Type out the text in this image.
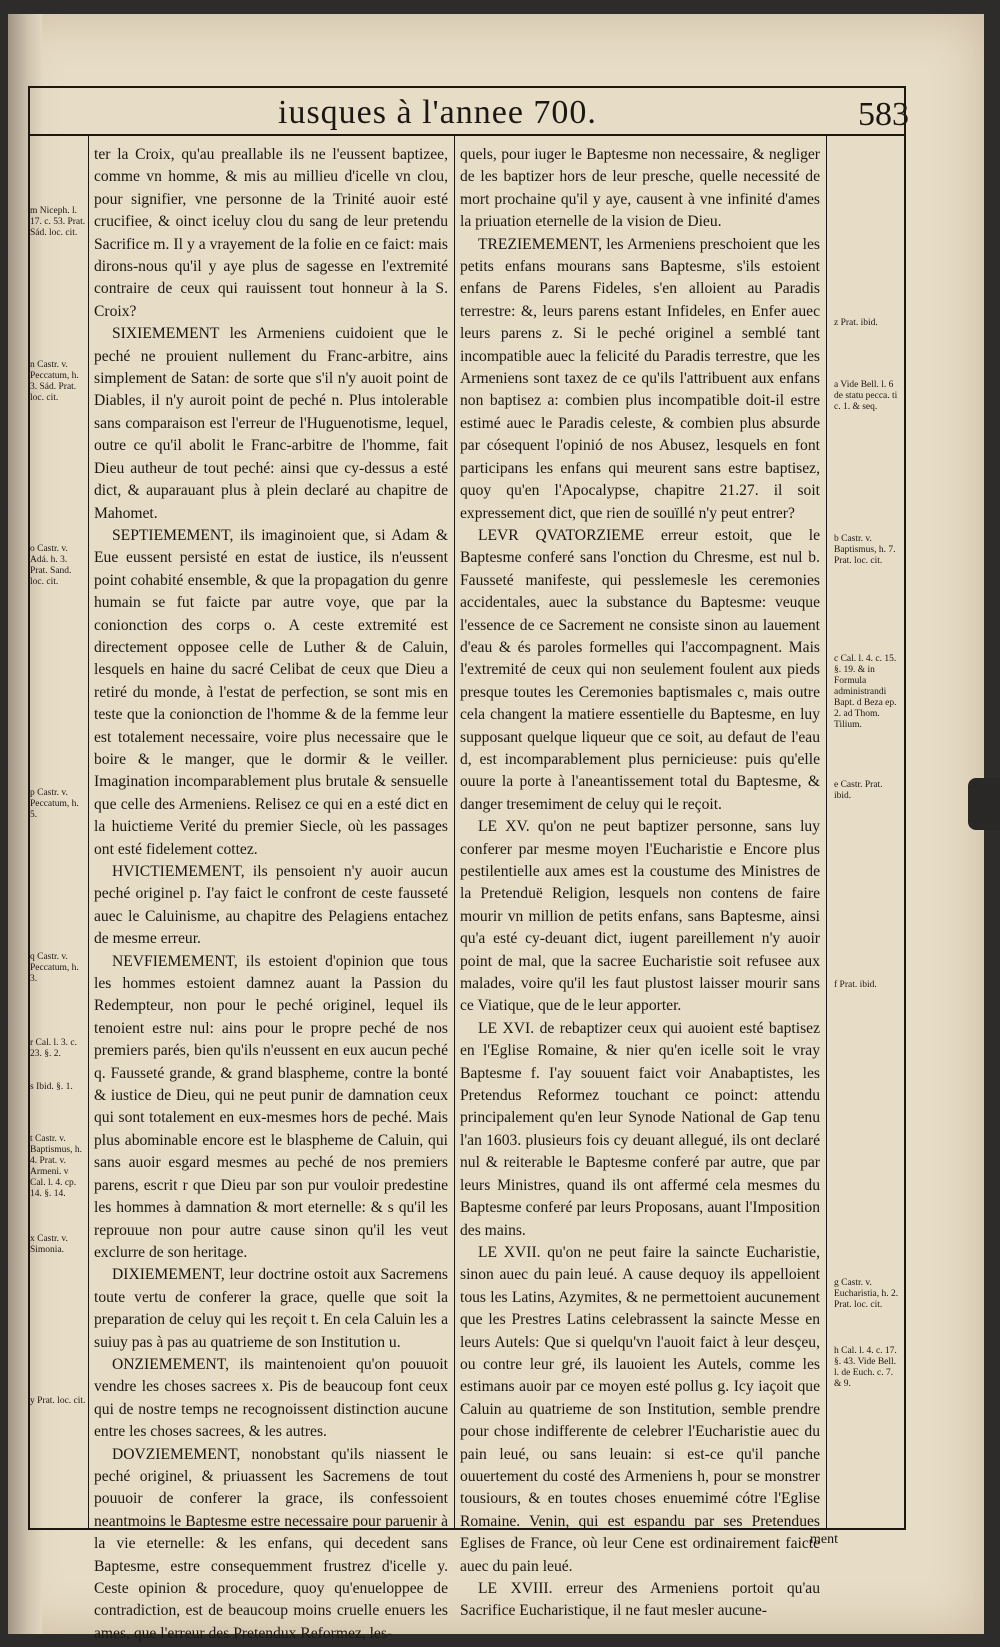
iusques à l'annee 700.	583
m Niceph. l. 17. c. 53. Prat. Sád. loc. cit.
n Castr. v. Peccatum, h. 3. Sád. Prat. loc. cit.
o Castr. v. Adá. h. 3. Prat. Sand. loc. cit.
p Castr. v. Peccatum, h. 5.
q Castr. v. Peccatum, h. 3.
r Cal. l. 3. c. 23. §. 2.
s Ibid. §. 1.
t Castr. v. Baptismus, h. 4. Prat. v. Armeni. v Cal. l. 4. cp. 14. §. 14.
x Castr. v. Simonia.
y Prat. loc. cit.
z Prat. ibid.
a Vide Bell. l. 6 de statu pecca. ti c. 1. & seq.
b Castr. v. Baptismus, h. 7. Prat. loc. cit.
c Cal. l. 4. c. 15. §. 19. & in Formula administrandi Bapt. d Beza ep. 2. ad Thom. Tilium.
e Castr. Prat. ibid.
f Prat. ibid.
g Castr. v. Eucharistia, h. 2. Prat. loc. cit.
h Cal. l. 4. c. 17. §. 43. Vide Bell. l. de Euch. c. 7. & 9.

ter la Croix, qu'au preallable ils ne l'eussent baptizee, comme vn homme, & mis au millieu d'icelle vn clou, pour signifier, vne personne de la Trinité auoir esté crucifiee, & oinct iceluy clou du sang de leur pretendu Sacrifice m. Il y a vrayement de la folie en ce faict: mais dirons-nous qu'il y aye plus de sagesse en l'extremité contraire de ceux qui rauissent tout honneur à la S. Croix?

SIXIEMEMENT les Armeniens cuidoient que le peché ne prouient nullement du Franc-arbitre, ains simplement de Satan: de sorte que s'il n'y auoit point de Diables, il n'y auroit point de peché n. Plus intolerable sans comparaison est l'erreur de l'Huguenotisme, lequel, outre ce qu'il abolit le Franc-arbitre de l'homme, fait Dieu autheur de tout peché: ainsi que cy-dessus a esté dict, & auparauant plus à plein declaré au chapitre de Mahomet.

SEPTIEMEMENT, ils imaginoient que, si Adam & Eue eussent persisté en estat de iustice, ils n'eussent point cohabité ensemble, & que la propagation du genre humain se fut faicte par autre voye, que par la conionction des corps o. A ceste extremité est directement opposee celle de Luther & de Caluin, lesquels en haine du sacré Celibat de ceux que Dieu a retiré du monde, à l'estat de perfection, se sont mis en teste que la conionction de l'homme & de la femme leur est totalement necessaire, voire plus necessaire que le boire & le manger, que le dormir & le veiller. Imagination incomparablement plus brutale & sensuelle que celle des Armeniens. Relisez ce qui en a esté dict en la huictieme Verité du premier Siecle, où les passages ont esté fidelement cottez.

HVICTIEMEMENT, ils pensoient n'y auoir aucun peché originel p. I'ay faict le confront de ceste fausseté auec le Caluinisme, au chapitre des Pelagiens entachez de mesme erreur.

NEVFIEMEMENT, ils estoient d'opinion que tous les hommes estoient damnez auant la Passion du Redempteur, non pour le peché originel, lequel ils tenoient estre nul: ains pour le propre peché de nos premiers parés, bien qu'ils n'eussent en eux aucun peché q. Fausseté grande, & grand blaspheme, contre la bonté & iustice de Dieu, qui ne peut punir de damnation ceux qui sont totalement en eux-mesmes hors de peché. Mais plus abominable encore est le blaspheme de Caluin, qui sans auoir esgard mesmes au peché de nos premiers parens, escrit r que Dieu par son pur vouloir predestine les hommes à damnation & mort eternelle: & s qu'il les reprouue non pour autre cause sinon qu'il les veut exclurre de son heritage.

DIXIEMEMENT, leur doctrine ostoit aux Sacremens toute vertu de conferer la grace, quelle que soit la preparation de celuy qui les reçoit t. En cela Caluin les a suiuy pas à pas au quatrieme de son Institution u.

ONZIEMEMENT, ils maintenoient qu'on pouuoit vendre les choses sacrees x. Pis de beaucoup font ceux qui de nostre temps ne recognoissent distinction aucune entre les choses sacrees, & les autres.

DOVZIEMEMENT, nonobstant qu'ils niassent le peché originel, & priuassent les Sacremens de tout pouuoir de conferer la grace, ils confessoient neantmoins le Baptesme estre necessaire pour paruenir à la vie eternelle: & les enfans, qui decedent sans Baptesme, estre consequemment frustrez d'icelle y. Ceste opinion & procedure, quoy qu'enueloppee de contradiction, est de beaucoup moins cruelle enuers les ames, que l'erreur des Pretendux Reformez, les-

quels, pour iuger le Baptesme non necessaire, & negliger de les baptizer hors de leur presche, quelle necessité de mort prochaine qu'il y aye, causent à vne infinité d'ames la priuation eternelle de la vision de Dieu.

TREZIEMEMENT, les Armeniens preschoient que les petits enfans mourans sans Baptesme, s'ils estoient enfans de Parens Fideles, s'en alloient au Paradis terrestre: &, leurs parens estant Infideles, en Enfer auec leurs parens z. Si le peché originel a semblé tant incompatible auec la felicité du Paradis terrestre, que les Armeniens sont taxez de ce qu'ils l'attribuent aux enfans non baptisez a: combien plus incompatible doit-il estre estimé auec le Paradis celeste, & combien plus absurde par cósequent l'opinió de nos Abusez, lesquels en font participans les enfans qui meurent sans estre baptisez, quoy qu'en l'Apocalypse, chapitre 21.27. il soit expressement dict, que rien de souïllé n'y peut entrer?

LEVR QVATORZIEME erreur estoit, que le Baptesme conferé sans l'onction du Chresme, est nul b. Fausseté manifeste, qui pesslemesle les ceremonies accidentales, auec la substance du Baptesme: veuque l'essence de ce Sacrement ne consiste sinon au lauement d'eau & és paroles formelles qui l'accompagnent. Mais l'extremité de ceux qui non seulement foulent aux pieds presque toutes les Ceremonies baptismales c, mais outre cela changent la matiere essentielle du Baptesme, en luy supposant quelque liqueur que ce soit, au defaut de l'eau d, est incomparablement plus pernicieuse: puis qu'elle ouure la porte à l'aneantissement total du Baptesme, & danger tresemiment de celuy qui le reçoit.

LE XV. qu'on ne peut baptizer personne, sans luy conferer par mesme moyen l'Eucharistie e Encore plus pestilentielle aux ames est la coustume des Ministres de la Pretenduë Religion, lesquels non contens de faire mourir vn million de petits enfans, sans Baptesme, ainsi qu'a esté cy-deuant dict, iugent pareillement n'y auoir point de mal, que la sacree Eucharistie soit refusee aux malades, voire qu'il les faut plustost laisser mourir sans ce Viatique, que de le leur apporter.

LE XVI. de rebaptizer ceux qui auoient esté baptisez en l'Eglise Romaine, & nier qu'en icelle soit le vray Baptesme f. I'ay souuent faict voir Anabaptistes, les Pretendus Reformez touchant ce poinct: attendu principalement qu'en leur Synode National de Gap tenu l'an 1603. plusieurs fois cy deuant allegué, ils ont declaré nul & reiterable le Baptesme conferé par autre, que par leurs Ministres, quand ils ont affermé cela mesmes du Baptesme conferé par leurs Proposans, auant l'Imposition des mains.

LE XVII. qu'on ne peut faire la saincte Eucharistie, sinon auec du pain leué. A cause dequoy ils appelloient tous les Latins, Azymites, & ne permettoient aucunement que les Prestres Latins celebrassent la saincte Messe en leurs Autels: Que si quelqu'vn l'auoit faict à leur desçeu, ou contre leur gré, ils lauoient les Autels, comme les estimans auoir par ce moyen esté pollus g. Icy iaçoit que Caluin au quatrieme de son Institution, semble prendre pour chose indifferente de celebrer l'Eucharistie auec du pain leué, ou sans leuain: si est-ce qu'il panche ouuertement du costé des Armeniens h, pour se monstrer tousiours, & en toutes choses enuemimé cótre l'Eglise Romaine. Venin, qui est espandu par ses Pretendues Eglises de France, où leur Cene est ordinairement faicte auec du pain leué.

LE XVIII. erreur des Armeniens portoit qu'au Sacrifice Eucharistique, il ne faut mesler aucune-

ment
